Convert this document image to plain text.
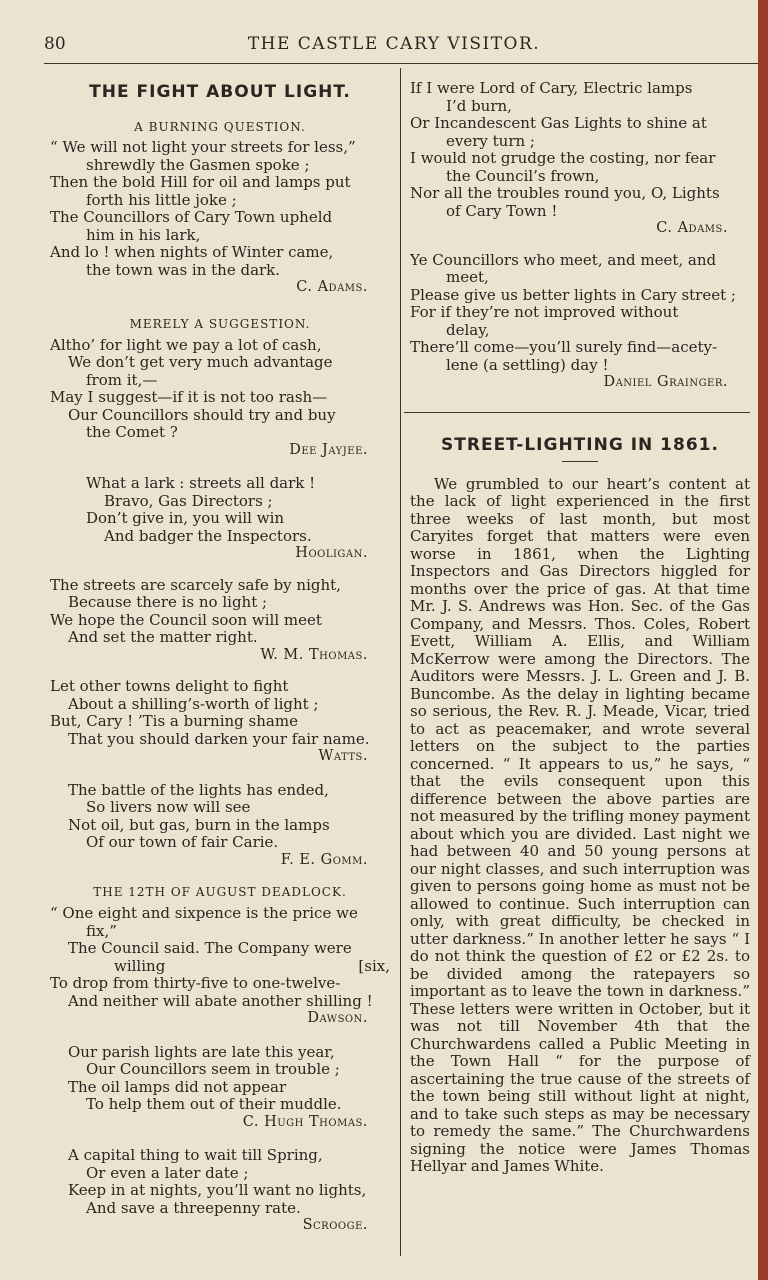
80	THE CASTLE CARY VISITOR.
THE FIGHT ABOUT LIGHT.
A BURNING QUESTION.
“ We will not light your streets for less,”
shrewdly the Gasmen spoke ;
Then the bold Hill for oil and lamps put
forth his little joke ;
The Councillors of Cary Town upheld
him in his lark,
And lo ! when nights of Winter came,
the town was in the dark.
C. Adams.
MERELY A SUGGESTION.
Altho’ for light we pay a lot of cash,
We don’t get very much advantage
from it,—
May I suggest—if it is not too rash—
Our Councillors should try and buy
the Comet ?
Dee Jayjee.
What a lark : streets all dark !
Bravo, Gas Directors ;
Don’t give in, you will win
And badger the Inspectors.
Hooligan.
The streets are scarcely safe by night,
Because there is no light ;
We hope the Council soon will meet
And set the matter right.
W. M. Thomas.
Let other towns delight to fight
About a shilling’s-worth of light ;
But, Cary ! ’Tis a burning shame
That you should darken your fair name.
Watts.
The battle of the lights has ended,
So livers now will see
Not oil, but gas, burn in the lamps
Of our town of fair Carie.
F. E. Gomm.
THE 12TH OF AUGUST DEADLOCK.
“ One eight and sixpence is the price we
fix,”
The Council said. The Company were
willing	[six,
To drop from thirty-five to one-twelve-
And neither will abate another shilling !
Dawson.
Our parish lights are late this year,
Our Councillors seem in trouble ;
The oil lamps did not appear
To help them out of their muddle.
C. Hugh Thomas.
A capital thing to wait till Spring,
Or even a later date ;
Keep in at nights, you’ll want no lights,
And save a threepenny rate.
Scrooge.
If I were Lord of Cary, Electric lamps
I’d burn,
Or Incandescent Gas Lights to shine at
every turn ;
I would not grudge the costing, nor fear
the Council’s frown,
Nor all the troubles round you, O, Lights
of Cary Town !
C. Adams.
Ye Councillors who meet, and meet, and
meet,
Please give us better lights in Cary street ;
For if they’re not improved without
delay,
There’ll come—you’ll surely find—acety-
lene (a settling) day !
Daniel Grainger.
STREET-LIGHTING IN 1861.
We grumbled to our heart’s content at the lack of light experienced in the first three weeks of last month, but most Caryites forget that matters were even worse in 1861, when the Lighting Inspectors and Gas Directors higgled for months over the price of gas. At that time Mr. J. S. Andrews was Hon. Sec. of the Gas Company, and Messrs. Thos. Coles, Robert Evett, William A. Ellis, and William McKerrow were among the Directors. The Auditors were Messrs. J. L. Green and J. B. Buncombe. As the delay in lighting became so serious, the Rev. R. J. Meade, Vicar, tried to act as peacemaker, and wrote several letters on the subject to the parties concerned. “ It appears to us,” he says, “ that the evils consequent upon this difference between the above parties are not measured by the trifling money payment about which you are divided. Last night we had between 40 and 50 young persons at our night classes, and such interruption was given to persons going home as must not be allowed to continue. Such interruption can only, with great difficulty, be checked in utter darkness.” In another letter he says “ I do not think the question of £2 or £2 2s. to be divided among the ratepayers so important as to leave the town in darkness.” These letters were written in October, but it was not till November 4th that the Churchwardens called a Public Meeting in the Town Hall “ for the purpose of ascertaining the true cause of the streets of the town being still without light at night, and to take such steps as may be necessary to remedy the same.” The Churchwardens signing the notice were James Thomas Hellyar and James White.
